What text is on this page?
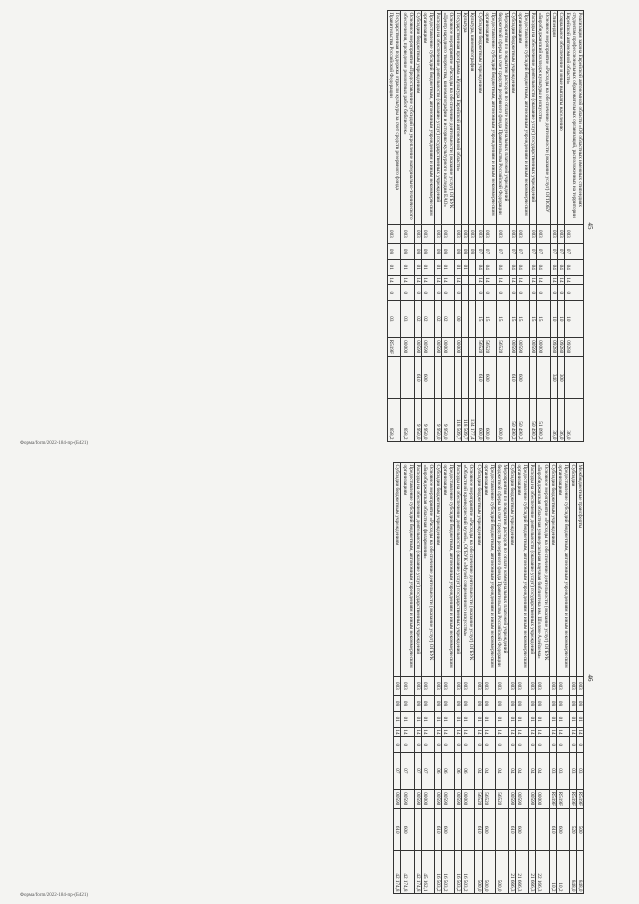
45
Реализация закона Еврейской автономной области «Об областных именных стипендиях студентам профессиональных образовательных организаций, расположенных на территории Еврейской автономной области»	003	07	04	14	0	10	09280		36,0
Социальное обеспечение и иные выплаты населению	003	07	04	14	0	10	09280	300	36,0
Стипендии	003	07	04	14	0	10	09280	340	36,0
Основное мероприятие «Расходы на обеспечение деятельности (оказание услуг) ОГПОБУ «Биробиджанский колледж культуры и искусств»	003	07	04	14	0	15	00000		51 090,2
Расходы на обеспечение деятельности (оказание услуг) государственных учреждений	003	07	04	14	0	15	00590		50 490,2
Предоставление субсидий бюджетным, автономным учреждениям и иным некоммерческим организациям	003	07	04	14	0	15	00590	600	50 490,2
Субсидии бюджетным учреждениям	003	07	04	14	0	15	00590	610	50 490,2
Мероприятия по покрытию расходов по оплате коммунальных платежей учреждений бюджетной сферы за счет средств резервного фонда Правительства Российской Федерации	003	07	04	14	0	15	56520		600,0
Предоставление субсидий бюджетным, автономным учреждениям и иным некоммерческим организациям	003	07	04	14	0	15	56520	600	600,0
Субсидии бюджетным учреждениям	003	07	04	14	0	15	56520	610	600,0
Культура, кинематография	003	08							134 177,4
Культура	003	08	01						118 509,7
Государственная программа «Культура Еврейской автономной области»	003	08	01	14	0	00	00000		118 509,7
Основное мероприятие «Расходы на обеспечение деятельности (оказание услуг) ОГБУК «Центр народного творчества, кинематографии и историко-культурного наследия ЕАО»	003	08	01	14	0	02	00000		9 950,0
Расходы на обеспечение деятельности (оказание услуг) государственных учреждений	003	08	01	14	0	02	00590		9 950,0
Предоставление субсидий бюджетным, автономным учреждениям и иным некоммерческим организациям	003	08	01	14	0	02	00590	600	9 950,0
Субсидии бюджетным учреждениям	003	08	01	14	0	02	00590	610	9 950,0
Основное мероприятие «Предоставление субсидий на укрепление материально-технического обеспечения, проведение ремонтных работ библиотек»	003	08	01	14	0	03	00000		858,2
Государственная поддержка отрасли культуры за счет средств резервного фонда Правительства Российской Федерации	003	08	01	14	0	03	R519F		858,2
Форма/form/2022-184-пр-(Б421)
46
Межбюджетные трансферты	003	08	01	14	0	03	R519F	500	848,0
Субсидии	003	08	01	14	0	03	R519F	520	848,0
Предоставление субсидий бюджетным, автономным учреждениям и иным некоммерческим организациям	003	08	01	14	0	03	R519F	600	10,2
Субсидии бюджетным учреждениям	003	08	01	14	0	03	R519F	610	10,2
Основное мероприятие «Расходы на обеспечение деятельности (оказание услуг) ОГБУК «Биробиджанская областная универсальная научная библиотека им. Шолом-Алейхема»	003	08	01	14	0	04	00000		22 166,3
Расходы на обеспечение деятельности (оказание услуг) государственных учреждений	003	08	01	14	0	04	00590		21 666,3
Предоставление субсидий бюджетным, автономным учреждениям и иным некоммерческим организациям	003	08	01	14	0	04	00590	600	21 666,3
Субсидии бюджетным учреждениям	003	08	01	14	0	04	00590	610	21 666,3
Мероприятия по покрытию расходов по оплате коммунальных платежей учреждений бюджетной сферы за счет средств резервного фонда Правительства Российской Федерации	003	08	01	14	0	04	56520		500,0
Предоставление субсидий бюджетным, автономным учреждениям и иным некоммерческим организациям	003	08	01	14	0	04	56520	600	500,0
Субсидии бюджетным учреждениям	003	08	01	14	0	04	56520	610	500,0
Основное мероприятие «Расходы на обеспечение деятельности (оказание услуг) ОГБУК «Областной краеведческий музей», ОГБУК «Музей современного искусства»	003	08	01	14	0	06	00000		16 503,2
Расходы на обеспечение деятельности (оказание услуг) государственных учреждений	003	08	01	14	0	06	00590		16 503,2
Предоставление субсидий бюджетным, автономным учреждениям и иным некоммерческим организациям	003	08	01	14	0	06	00590	600	16 503,2
Субсидии бюджетным учреждениям	003	08	01	14	0	06	00590	610	16 503,2
Основное мероприятие «Расходы на обеспечение деятельности (оказание услуг) ОГБУК «Биробиджанская областная филармония»	003	08	01	14	0	07	00000		45 162,1
Расходы на обеспечение деятельности (оказание услуг) государственных учреждений	003	08	01	14	0	07	00590		42 174,8
Предоставление субсидий бюджетным, автономным учреждениям и иным некоммерческим организациям	003	08	01	14	0	07	00590	600	42 174,8
Субсидии бюджетным учреждениям	003	08	01	14	0	07	00590	610	42 174,8
Форма/form/2022-184-пр-(Б421)
